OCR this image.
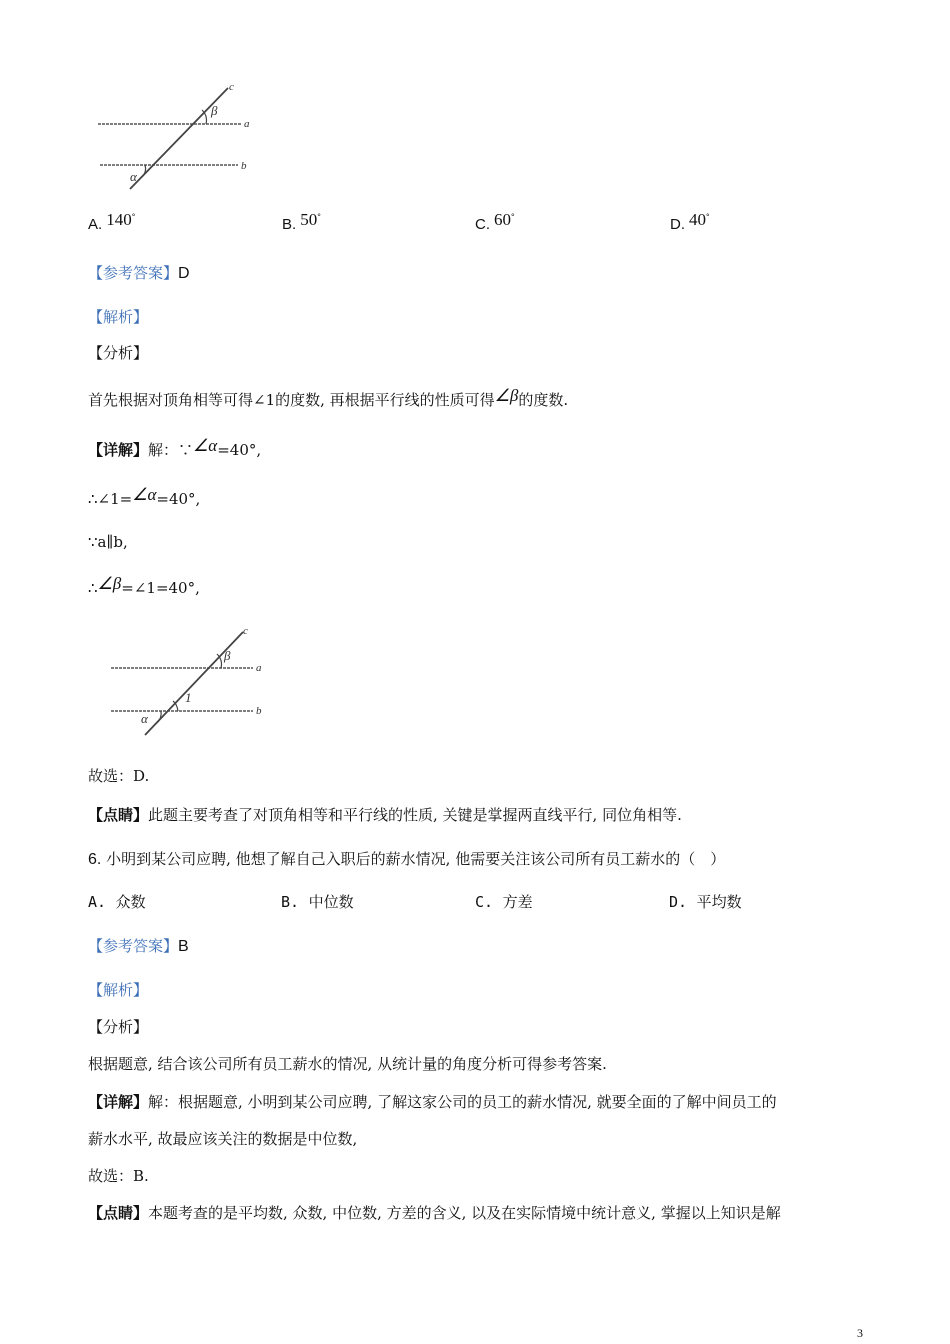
c
a
b
β
α
A. 140°	B. 50°	C. 60°	D. 40°
【参考答案】D
【解析】
【分析】
首先根据对顶角相等可得∠1的度数, 再根据平行线的性质可得∠β的度数.
【详解】解：∵∠α=40°,
∴∠1=∠α=40°,
∵a∥b,
∴∠β=∠1=40°,
c
a
b
β
α
1
故选：D.
【点睛】此题主要考查了对顶角相等和平行线的性质, 关键是掌握两直线平行, 同位角相等.
6. 小明到某公司应聘, 他想了解自己入职后的薪水情况, 他需要关注该公司所有员工薪水的（　）
A. 众数	B. 中位数	C. 方差	D. 平均数
【参考答案】B
【解析】
【分析】
根据题意, 结合该公司所有员工薪水的情况, 从统计量的角度分析可得参考答案.
【详解】解：根据题意, 小明到某公司应聘, 了解这家公司的员工的薪水情况, 就要全面的了解中间员工的
薪水水平, 故最应该关注的数据是中位数,
故选：B.
【点睛】本题考查的是平均数, 众数, 中位数, 方差的含义, 以及在实际情境中统计意义, 掌握以上知识是解
3
